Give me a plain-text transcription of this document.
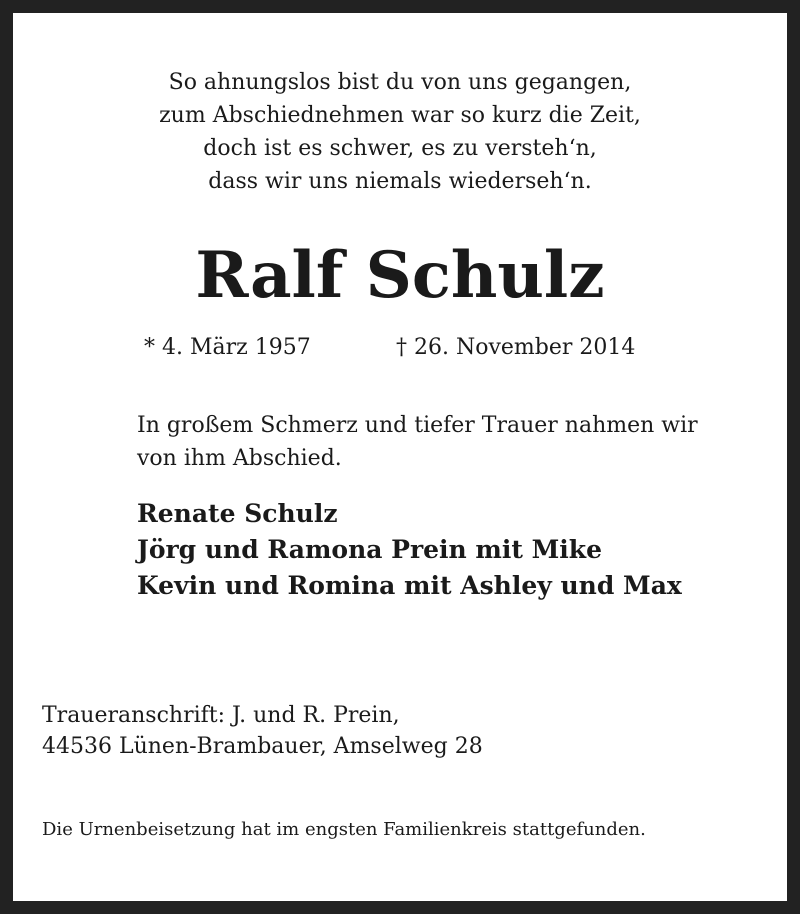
So ahnungslos bist du von uns gegangen,
zum Abschiednehmen war so kurz die Zeit,
doch ist es schwer, es zu versteh‘n,
dass wir uns niemals wiederseh‘n.
Ralf Schulz
* 4. März 1957	† 26. November 2014
In großem Schmerz und tiefer Trauer nahmen wir
von ihm Abschied.
Renate Schulz
Jörg und Ramona Prein mit Mike
Kevin und Romina mit Ashley und Max
Traueranschrift: J. und R. Prein,
44536 Lünen-Brambauer, Amselweg 28
Die Urnenbeisetzung hat im engsten Familienkreis stattgefunden.
